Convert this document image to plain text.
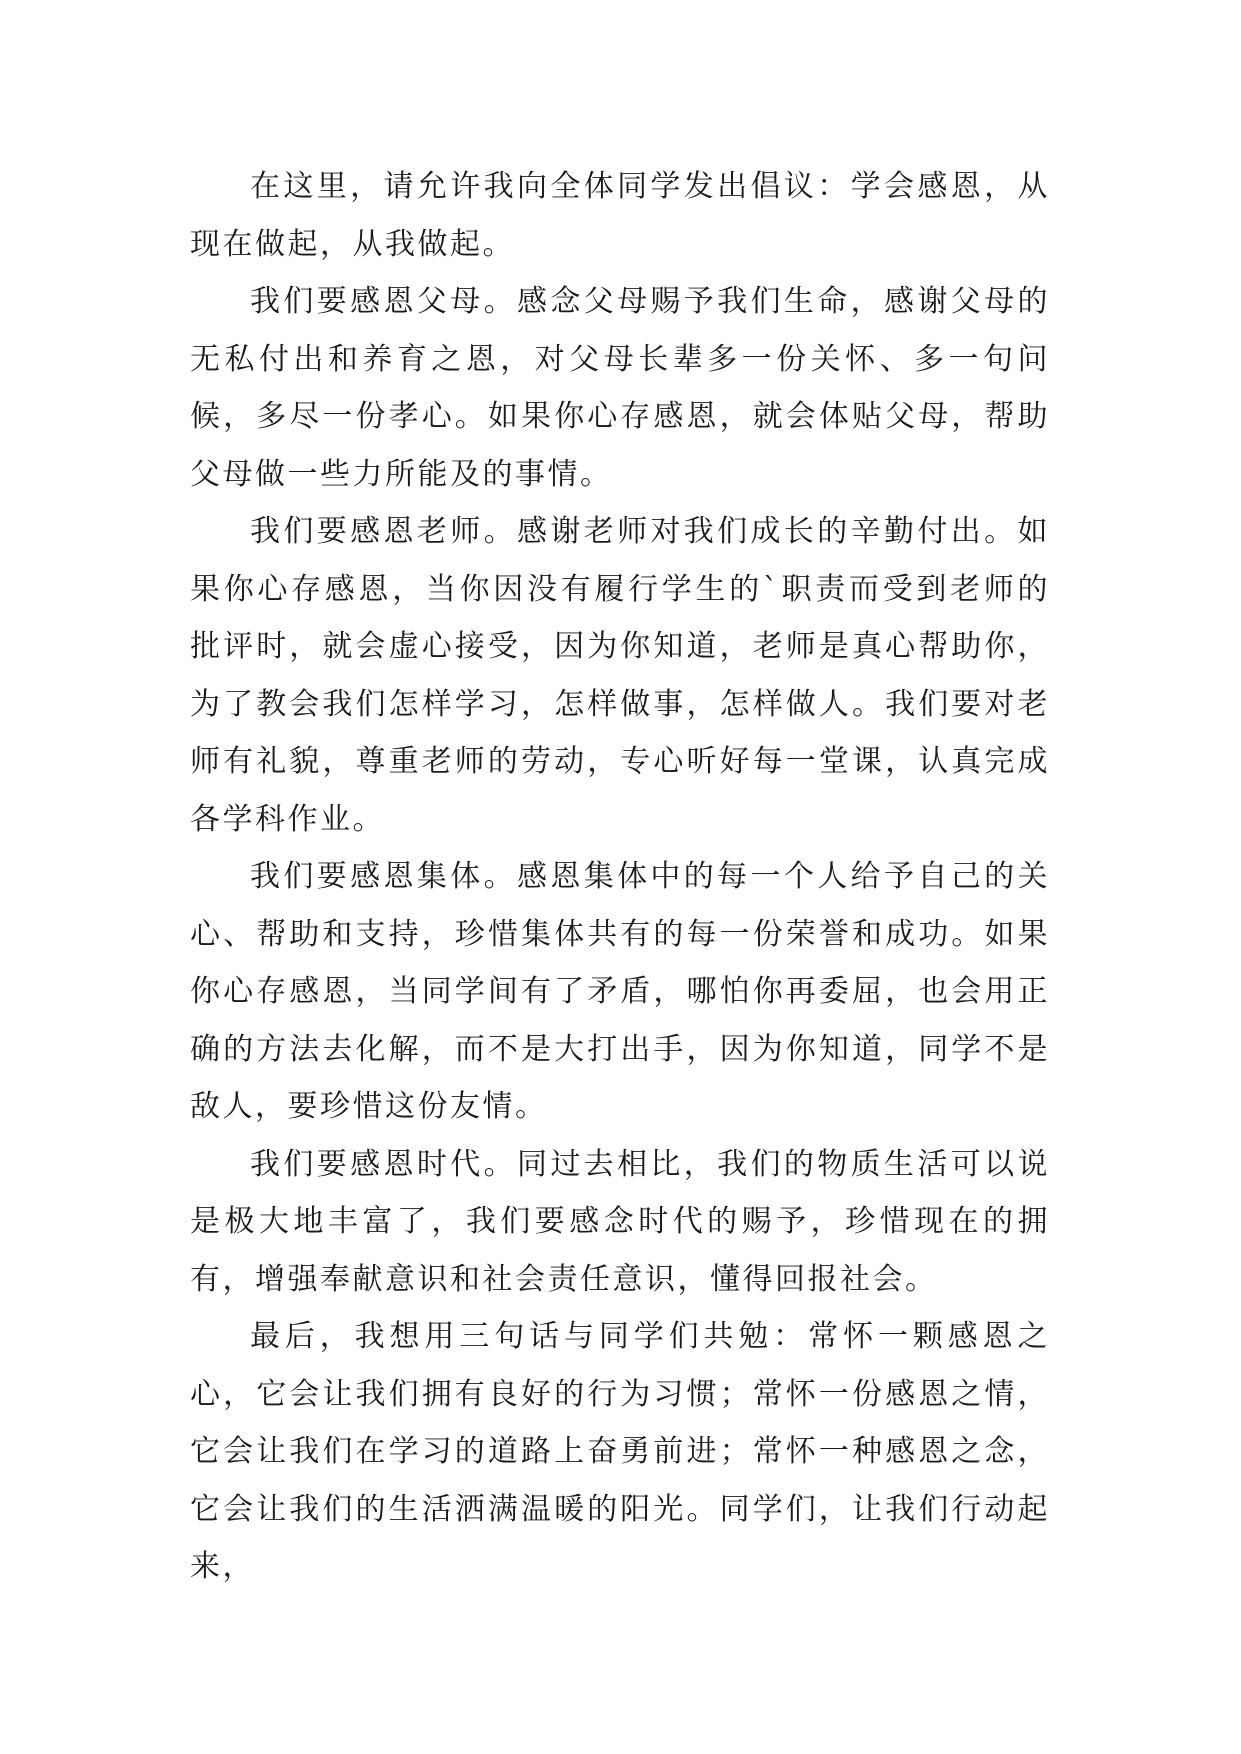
在这里，请允许我向全体同学发出倡议：学会感恩，从现在做起，从我做起。

我们要感恩父母。感念父母赐予我们生命，感谢父母的无私付出和养育之恩，对父母长辈多一份关怀、多一句问候，多尽一份孝心。如果你心存感恩，就会体贴父母，帮助父母做一些力所能及的事情。

我们要感恩老师。感谢老师对我们成长的辛勤付出。如果你心存感恩，当你因没有履行学生的`职责而受到老师的批评时，就会虚心接受，因为你知道，老师是真心帮助你，为了教会我们怎样学习，怎样做事，怎样做人。我们要对老师有礼貌，尊重老师的劳动，专心听好每一堂课，认真完成各学科作业。

我们要感恩集体。感恩集体中的每一个人给予自己的关心、帮助和支持，珍惜集体共有的每一份荣誉和成功。如果你心存感恩，当同学间有了矛盾，哪怕你再委屈，也会用正确的方法去化解，而不是大打出手，因为你知道，同学不是敌人，要珍惜这份友情。

我们要感恩时代。同过去相比，我们的物质生活可以说是极大地丰富了，我们要感念时代的赐予，珍惜现在的拥有，增强奉献意识和社会责任意识，懂得回报社会。

最后，我想用三句话与同学们共勉：常怀一颗感恩之心，它会让我们拥有良好的行为习惯；常怀一份感恩之情，它会让我们在学习的道路上奋勇前进；常怀一种感恩之念，它会让我们的生活洒满温暖的阳光。同学们，让我们行动起来，
